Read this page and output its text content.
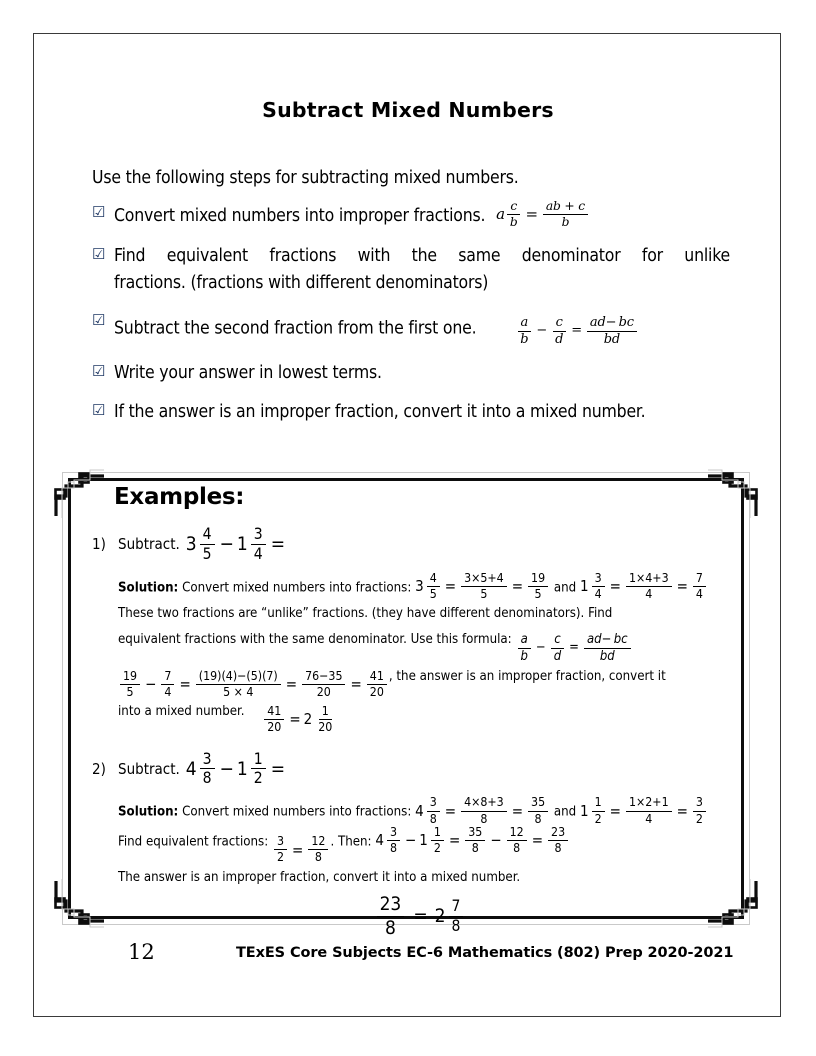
Subtract Mixed Numbers
Use the following steps for subtracting mixed numbers.
☑ Convert mixed numbers into improper fractions. a $\frac{c}{b} = \frac{ab + c}{b}$
☑ Find equivalent fractions with the same denominator for unlike
fractions. (fractions with different denominators)
☑ Subtract the second fraction from the first one.	$\frac{a}{b} - \frac{c}{d} = \frac{ad- bc}{bd}$
☑ Write your answer in lowest terms.
☑ If the answer is an improper fraction, convert it into a mixed number.
Examples:
1) Subtract. $3 \frac{4}{5} - 1 \frac{3}{4}$ =
Solution: Convert mixed numbers into fractions: $3 \frac{4}{5} = \frac{3\times 5+4}{5} = \frac{19}{5}$ and $1 \frac{3}{4} = \frac{1\times 4+3}{4} = \frac{7}{4}$
These two fractions are “unlike” fractions. (they have different denominators). Find
equivalent fractions with the same denominator. Use this formula: $\frac{a}{b} - \frac{c}{d} = \frac{ad- bc}{bd}$
$\frac{19}{5} - \frac{7}{4} = \frac{(19)(4)-(5)(7)}{5 \times 4} = \frac{76-35}{20} = \frac{41}{20}$ , the answer is an improper fraction, convert it
into a mixed number. $\frac{41}{20} = 2 \frac{1}{20}$
2) Subtract. $4 \frac{3}{8} - 1 \frac{1}{2}$ =
Solution: Convert mixed numbers into fractions: $4 \frac{3}{8} = \frac{4\times 8+3}{8} = \frac{35}{8}$ and $1 \frac{1}{2} = \frac{1\times 2+1}{4} = \frac{3}{2}$
Find equivalent fractions: $\frac{3}{2} = \frac{12}{8}$ . Then: $4 \frac{3}{8} - 1 \frac{1}{2} = \frac{35}{8} - \frac{12}{8} = \frac{23}{8}$
The answer is an improper fraction, convert it into a mixed number.
$\frac{23}{8} = 2 \frac{7}{8}$
12	TExES Core Subjects EC-6 Mathematics (802) Prep 2020-2021
